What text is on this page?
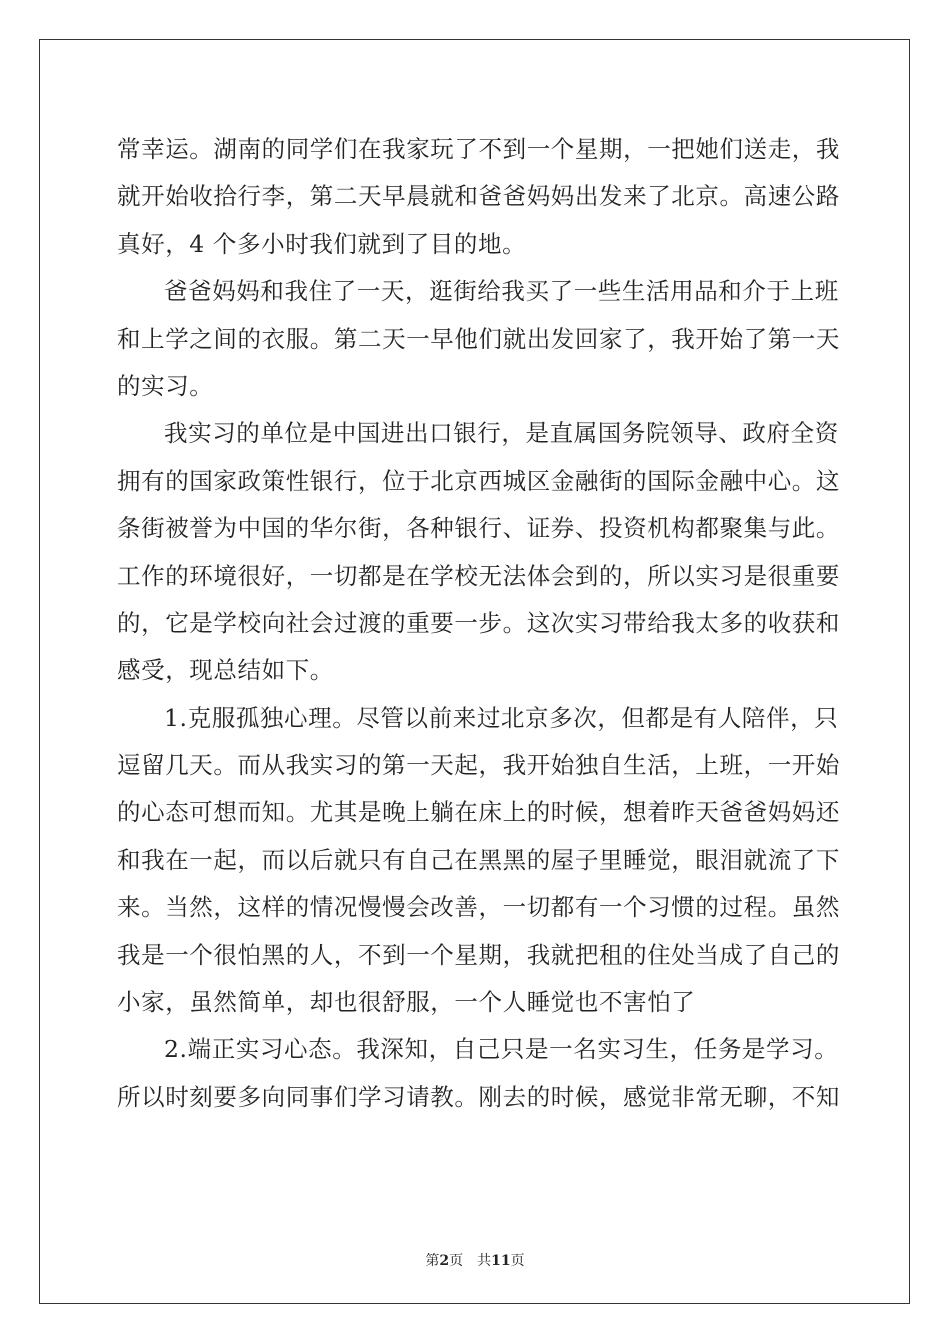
常幸运。湖南的同学们在我家玩了不到一个星期，一把她们送走，我
就开始收拾行李，第二天早晨就和爸爸妈妈出发来了北京。高速公路
真好，4 个多小时我们就到了目的地。
爸爸妈妈和我住了一天，逛街给我买了一些生活用品和介于上班
和上学之间的衣服。第二天一早他们就出发回家了，我开始了第一天
的实习。
我实习的单位是中国进出口银行，是直属国务院领导、政府全资
拥有的国家政策性银行，位于北京西城区金融街的国际金融中心。这
条街被誉为中国的华尔街，各种银行、证券、投资机构都聚集与此。
工作的环境很好，一切都是在学校无法体会到的，所以实习是很重要
的，它是学校向社会过渡的重要一步。这次实习带给我太多的收获和
感受，现总结如下。
1.克服孤独心理。尽管以前来过北京多次，但都是有人陪伴，只
逗留几天。而从我实习的第一天起，我开始独自生活，上班，一开始
的心态可想而知。尤其是晚上躺在床上的时候，想着昨天爸爸妈妈还
和我在一起，而以后就只有自己在黑黑的屋子里睡觉，眼泪就流了下
来。当然，这样的情况慢慢会改善，一切都有一个习惯的过程。虽然
我是一个很怕黑的人，不到一个星期，我就把租的住处当成了自己的
小家，虽然简单，却也很舒服，一个人睡觉也不害怕了
2.端正实习心态。我深知，自己只是一名实习生，任务是学习。
所以时刻要多向同事们学习请教。刚去的时候，感觉非常无聊，不知
第2页 共11页
